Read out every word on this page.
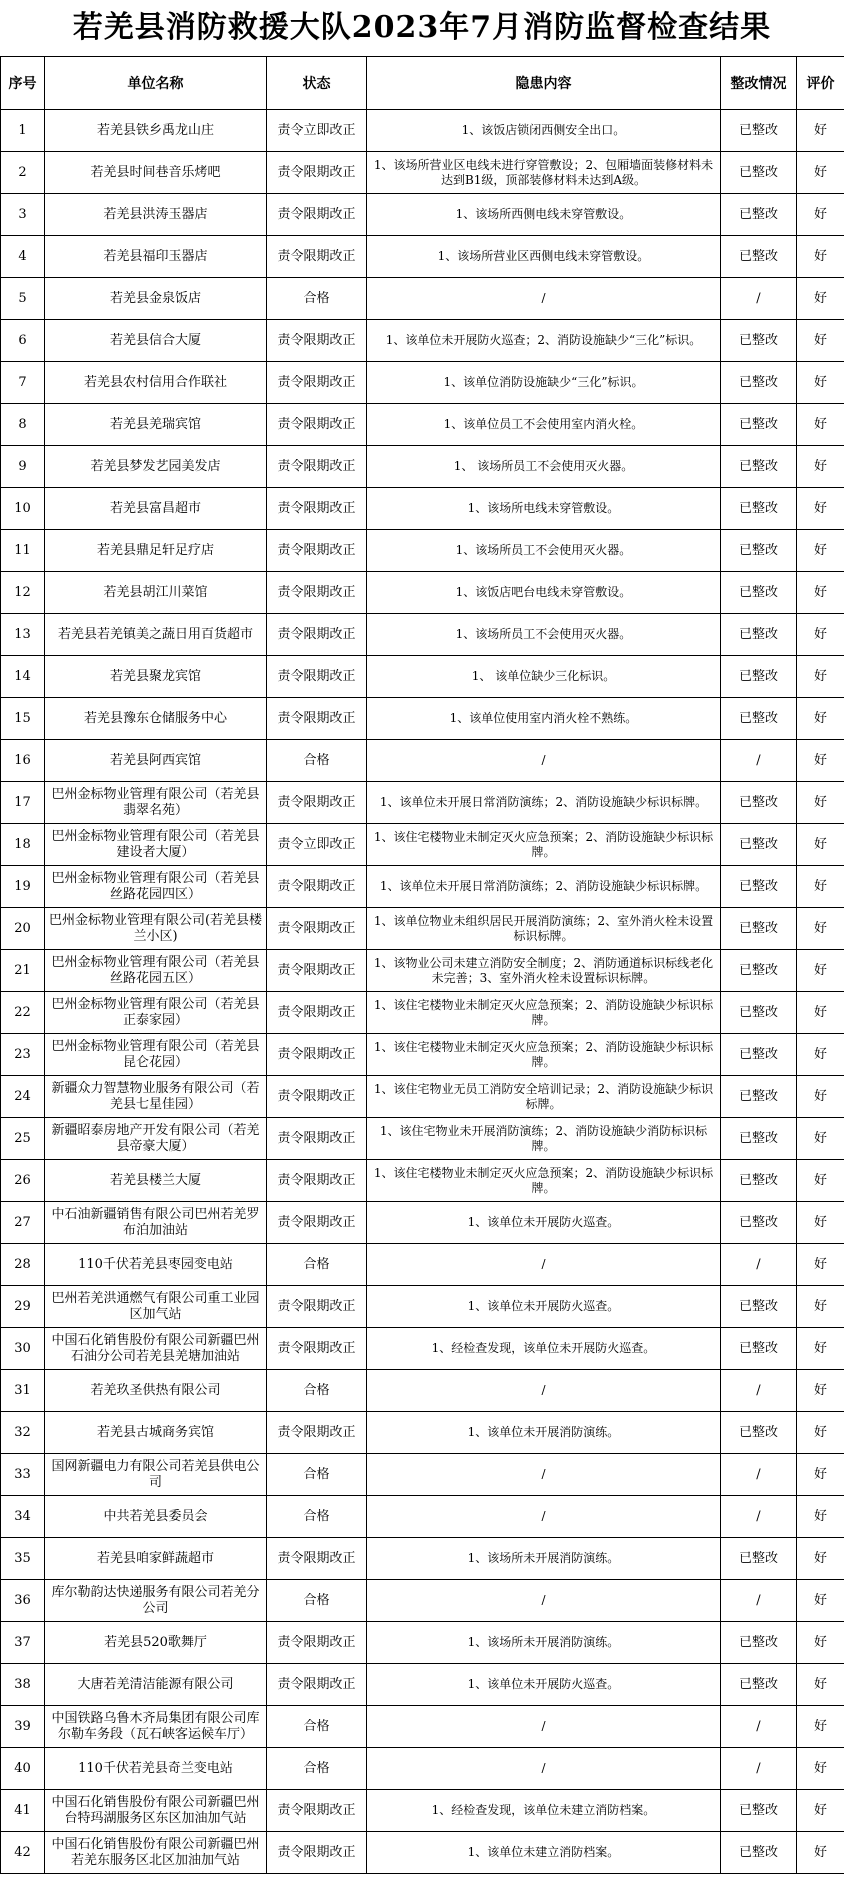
若羌县消防救援大队2023年7月消防监督检查结果
序号	单位名称	状态	隐患内容	整改情况	评价

1	若羌县铁乡禹龙山庄	责令立即改正	1、该饭店锁闭西侧安全出口。	已整改	好

2	若羌县时间巷音乐烤吧	责令限期改正	1、该场所营业区电线未进行穿管敷设；2、包厢墙面装修材料未达到B1级，顶部装修材料未达到A级。	已整改	好

3	若羌县洪涛玉器店	责令限期改正	1、该场所西侧电线未穿管敷设。	已整改	好

4	若羌县福印玉器店	责令限期改正	1、该场所营业区西侧电线未穿管敷设。	已整改	好

5	若羌县金泉饭店	合格	/	/	好

6	若羌县信合大厦	责令限期改正	1、该单位未开展防火巡查；2、消防设施缺少“三化”标识。	已整改	好

7	若羌县农村信用合作联社	责令限期改正	1、该单位消防设施缺少“三化”标识。	已整改	好

8	若羌县羌瑞宾馆	责令限期改正	1、该单位员工不会使用室内消火栓。	已整改	好

9	若羌县梦发艺园美发店	责令限期改正	1、 该场所员工不会使用灭火器。	已整改	好

10	若羌县富昌超市	责令限期改正	1、该场所电线未穿管敷设。	已整改	好

11	若羌县鼎足轩足疗店	责令限期改正	1、该场所员工不会使用灭火器。	已整改	好

12	若羌县胡江川菜馆	责令限期改正	1、该饭店吧台电线未穿管敷设。	已整改	好

13	若羌县若羌镇美之蔬日用百货超市	责令限期改正	1、该场所员工不会使用灭火器。	已整改	好

14	若羌县聚龙宾馆	责令限期改正	1、 该单位缺少三化标识。	已整改	好

15	若羌县豫东仓储服务中心	责令限期改正	1、该单位使用室内消火栓不熟练。	已整改	好

16	若羌县阿西宾馆	合格	/	/	好

17	巴州金标物业管理有限公司（若羌县翡翠名苑）	责令限期改正	1、该单位未开展日常消防演练；2、消防设施缺少标识标牌。	已整改	好

18	巴州金标物业管理有限公司（若羌县建设者大厦）	责令立即改正	1、该住宅楼物业未制定灭火应急预案；2、消防设施缺少标识标牌。	已整改	好

19	巴州金标物业管理有限公司（若羌县丝路花园四区）	责令限期改正	1、该单位未开展日常消防演练；2、消防设施缺少标识标牌。	已整改	好

20	巴州金标物业管理有限公司(若羌县楼兰小区)	责令限期改正	1、该单位物业未组织居民开展消防演练；2、室外消火栓未设置标识标牌。	已整改	好

21	巴州金标物业管理有限公司（若羌县丝路花园五区）	责令限期改正	1、该物业公司未建立消防安全制度；2、消防通道标识标线老化未完善；3、室外消火栓未设置标识标牌。	已整改	好

22	巴州金标物业管理有限公司（若羌县正泰家园）	责令限期改正	1、该住宅楼物业未制定灭火应急预案；2、消防设施缺少标识标牌。	已整改	好

23	巴州金标物业管理有限公司（若羌县昆仑花园）	责令限期改正	1、该住宅楼物业未制定灭火应急预案；2、消防设施缺少标识标牌。	已整改	好

24	新疆众力智慧物业服务有限公司（若羌县七星佳园）	责令限期改正	1、该住宅物业无员工消防安全培训记录；2、消防设施缺少标识标牌。	已整改	好

25	新疆昭泰房地产开发有限公司（若羌县帝豪大厦）	责令限期改正	1、该住宅物业未开展消防演练；2、消防设施缺少消防标识标牌。	已整改	好

26	若羌县楼兰大厦	责令限期改正	1、该住宅楼物业未制定灭火应急预案；2、消防设施缺少标识标牌。	已整改	好

27	中石油新疆销售有限公司巴州若羌罗布泊加油站	责令限期改正	1、该单位未开展防火巡查。	已整改	好

28	110千伏若羌县枣园变电站	合格	/	/	好

29	巴州若羌洪通燃气有限公司重工业园区加气站	责令限期改正	1、该单位未开展防火巡查。	已整改	好

30	中国石化销售股份有限公司新疆巴州石油分公司若羌县羌塘加油站	责令限期改正	1、经检查发现，该单位未开展防火巡查。	已整改	好

31	若羌玖圣供热有限公司	合格	/	/	好

32	若羌县古城商务宾馆	责令限期改正	1、该单位未开展消防演练。	已整改	好

33	国网新疆电力有限公司若羌县供电公司	合格	/	/	好

34	中共若羌县委员会	合格	/	/	好

35	若羌县咱家鲜蔬超市	责令限期改正	1、该场所未开展消防演练。	已整改	好

36	库尔勒韵达快递服务有限公司若羌分公司	合格	/	/	好

37	若羌县520歌舞厅	责令限期改正	1、该场所未开展消防演练。	已整改	好

38	大唐若羌清洁能源有限公司	责令限期改正	1、该单位未开展防火巡查。	已整改	好

39	中国铁路乌鲁木齐局集团有限公司库尔勒车务段（瓦石峡客运候车厅）	合格	/	/	好

40	110千伏若羌县奇兰变电站	合格	/	/	好

41	中国石化销售股份有限公司新疆巴州台特玛湖服务区东区加油加气站	责令限期改正	1、经检查发现，该单位未建立消防档案。	已整改	好

42	中国石化销售股份有限公司新疆巴州若羌东服务区北区加油加气站	责令限期改正	1、该单位未建立消防档案。	已整改	好
